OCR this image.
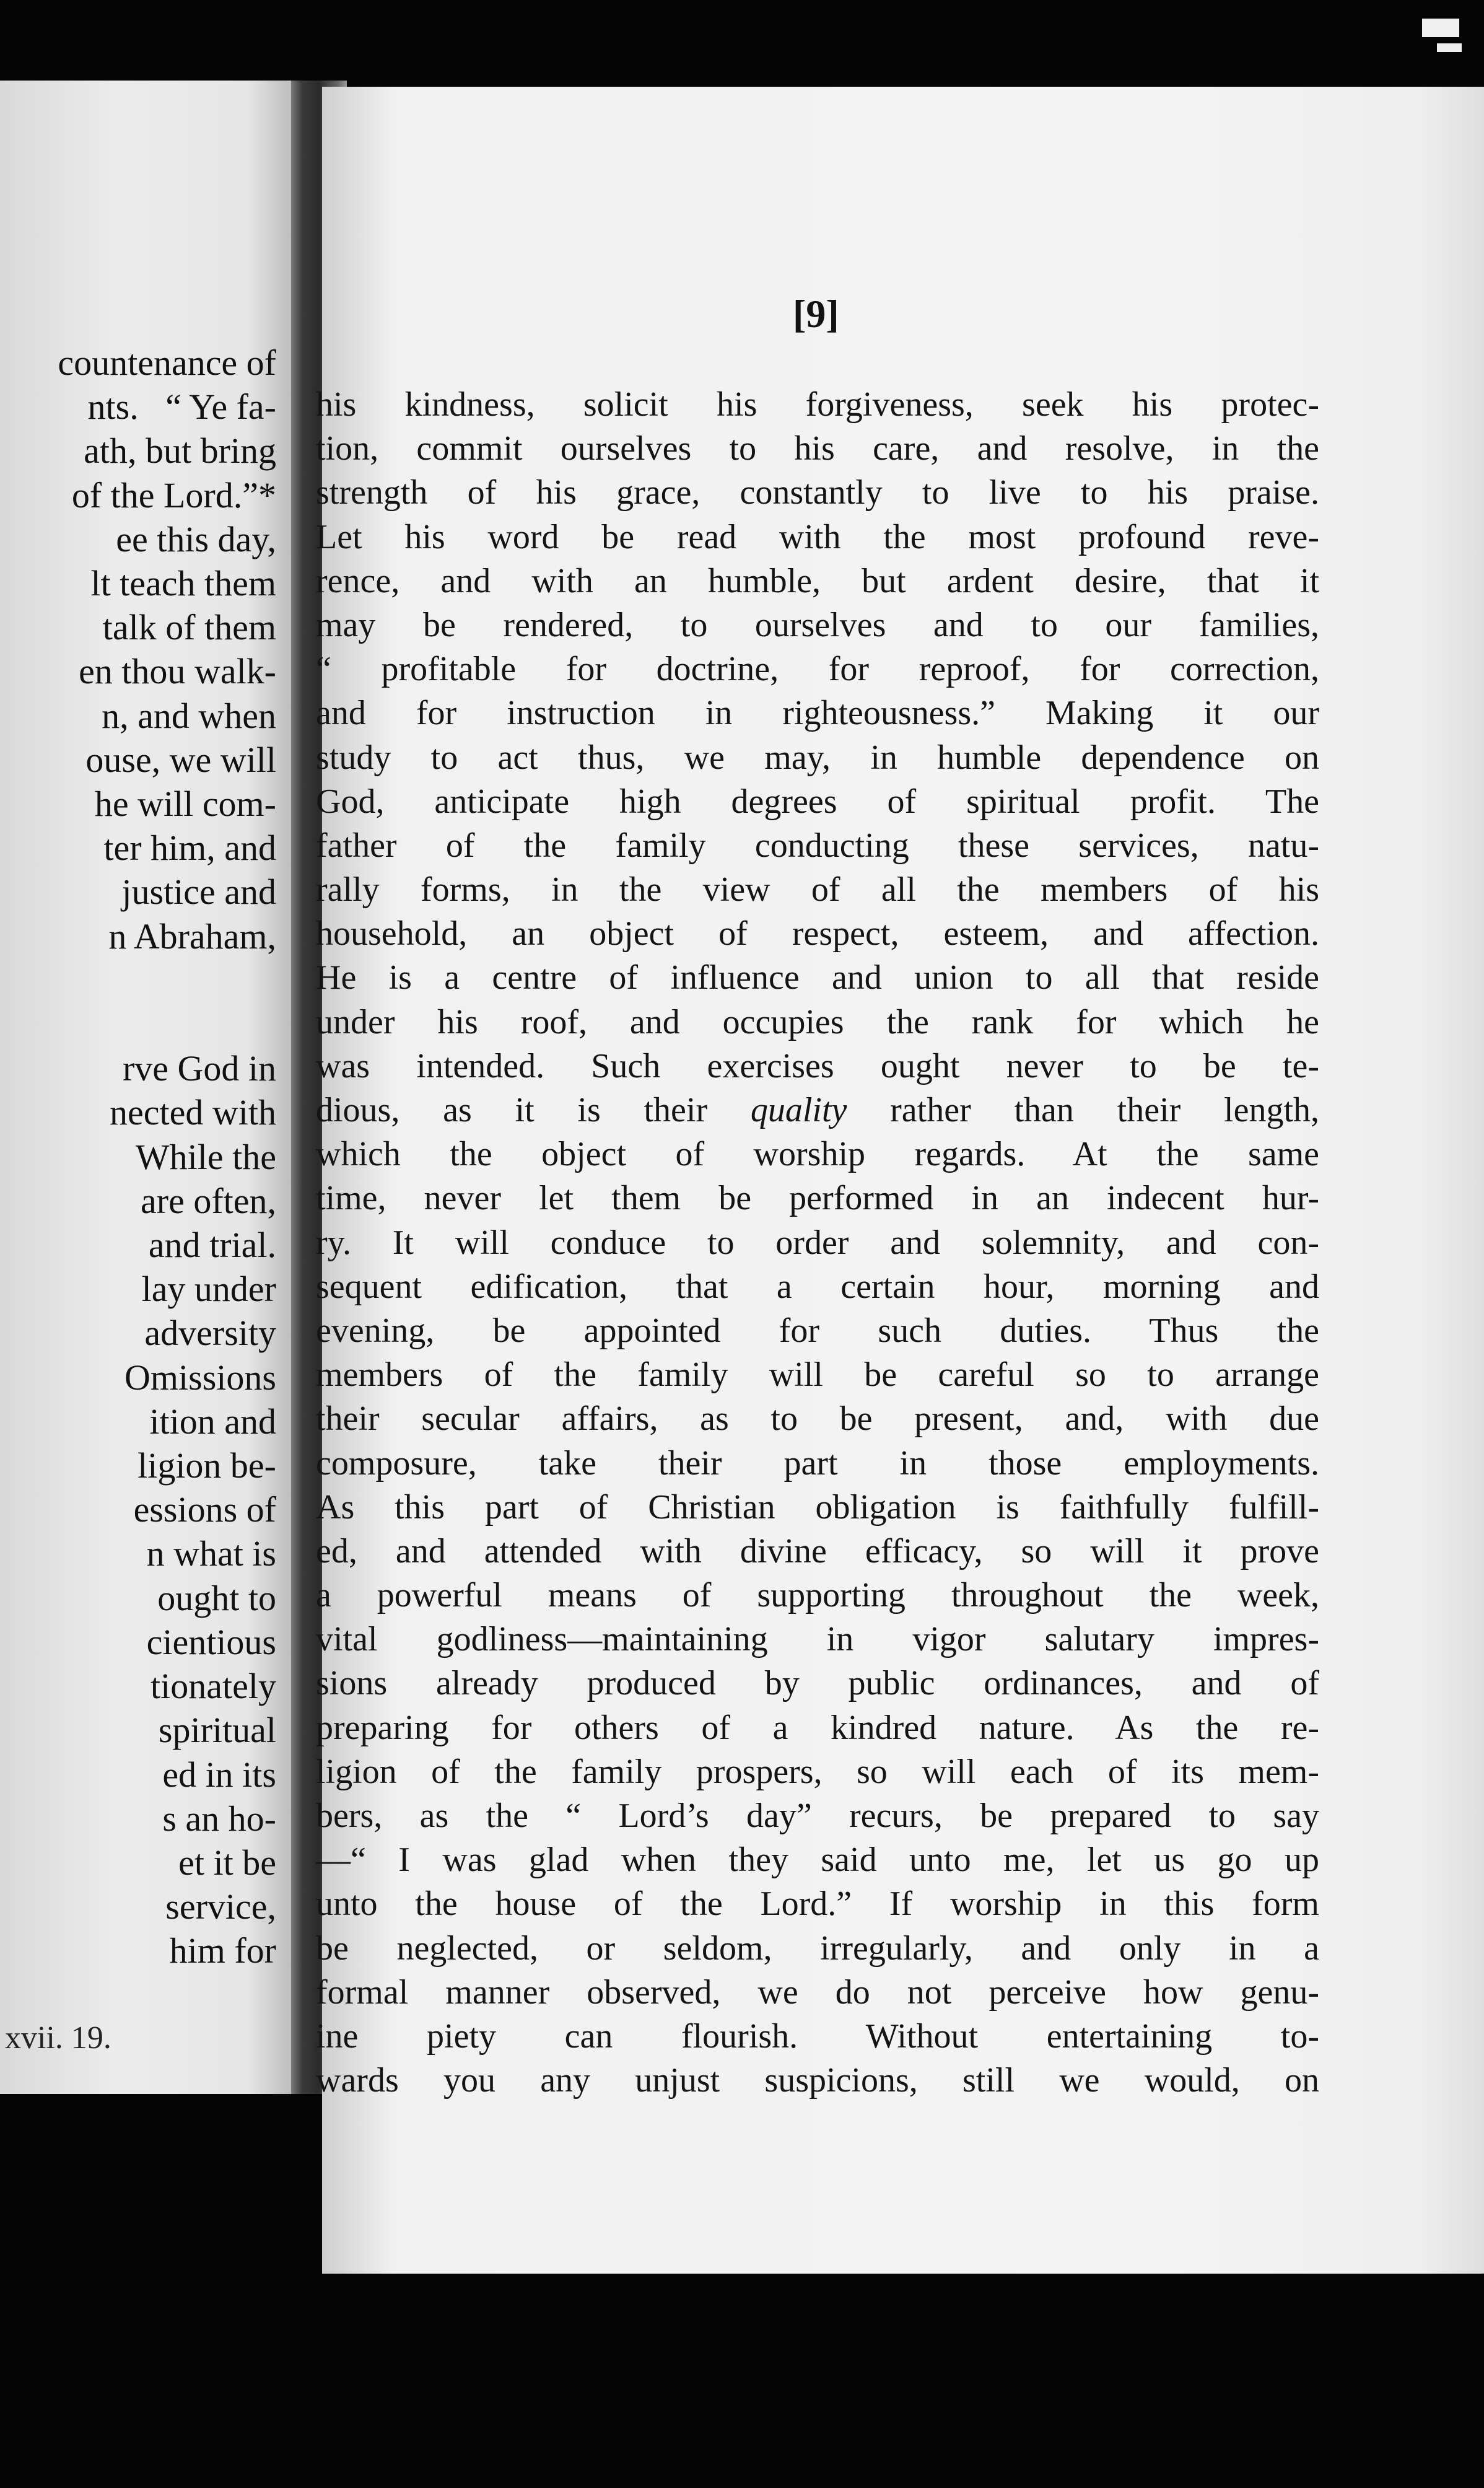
countenance of
nts.   “ Ye fa-
ath, but bring
of the Lord.”*
ee this day,
lt teach them
talk of them
en thou walk-
n, and when
ouse, we will
he will com-
ter him, and
justice and
n Abraham,

rve God in
nected with
While the
are often,
and trial.
lay under
adversity
Omissions
ition and
ligion be-
essions of
n what is
ought to
cientious
tionately
spiritual
ed in its
s an ho-
et it be
service,
him for
xvii. 19.
[9]
his kindness, solicit his forgiveness, seek his protec-
tion, commit ourselves to his care, and resolve, in the
strength of his grace, constantly to live to his praise.
Let his word be read with the most profound reve-
rence, and with an humble, but ardent desire, that it
may be rendered, to ourselves and to our families,
“ profitable for doctrine, for reproof, for correction,
and for instruction in righteousness.” Making it our
study to act thus, we may, in humble dependence on
God, anticipate high degrees of spiritual profit. The
father of the family conducting these services, natu-
rally forms, in the view of all the members of his
household, an object of respect, esteem, and affection.
He is a centre of influence and union to all that reside
under his roof, and occupies the rank for which he
was intended. Such exercises ought never to be te-
dious, as it is their quality rather than their length,
which the object of worship regards. At the same
time, never let them be performed in an indecent hur-
ry. It will conduce to order and solemnity, and con-
sequent edification, that a certain hour, morning and
evening, be appointed for such duties. Thus the
members of the family will be careful so to arrange
their secular affairs, as to be present, and, with due
composure, take their part in those employments.
As this part of Christian obligation is faithfully fulfill-
ed, and attended with divine efficacy, so will it prove
a powerful means of supporting throughout the week,
vital godliness—maintaining in vigor salutary impres-
sions already produced by public ordinances, and of
preparing for others of a kindred nature. As the re-
ligion of the family prospers, so will each of its mem-
bers, as the “ Lord’s day” recurs, be prepared to say
—“ I was glad when they said unto me, let us go up
unto the house of the Lord.” If worship in this form
be neglected, or seldom, irregularly, and only in a
formal manner observed, we do not perceive how genu-
ine piety can flourish. Without entertaining to-
wards you any unjust suspicions, still we would, on
